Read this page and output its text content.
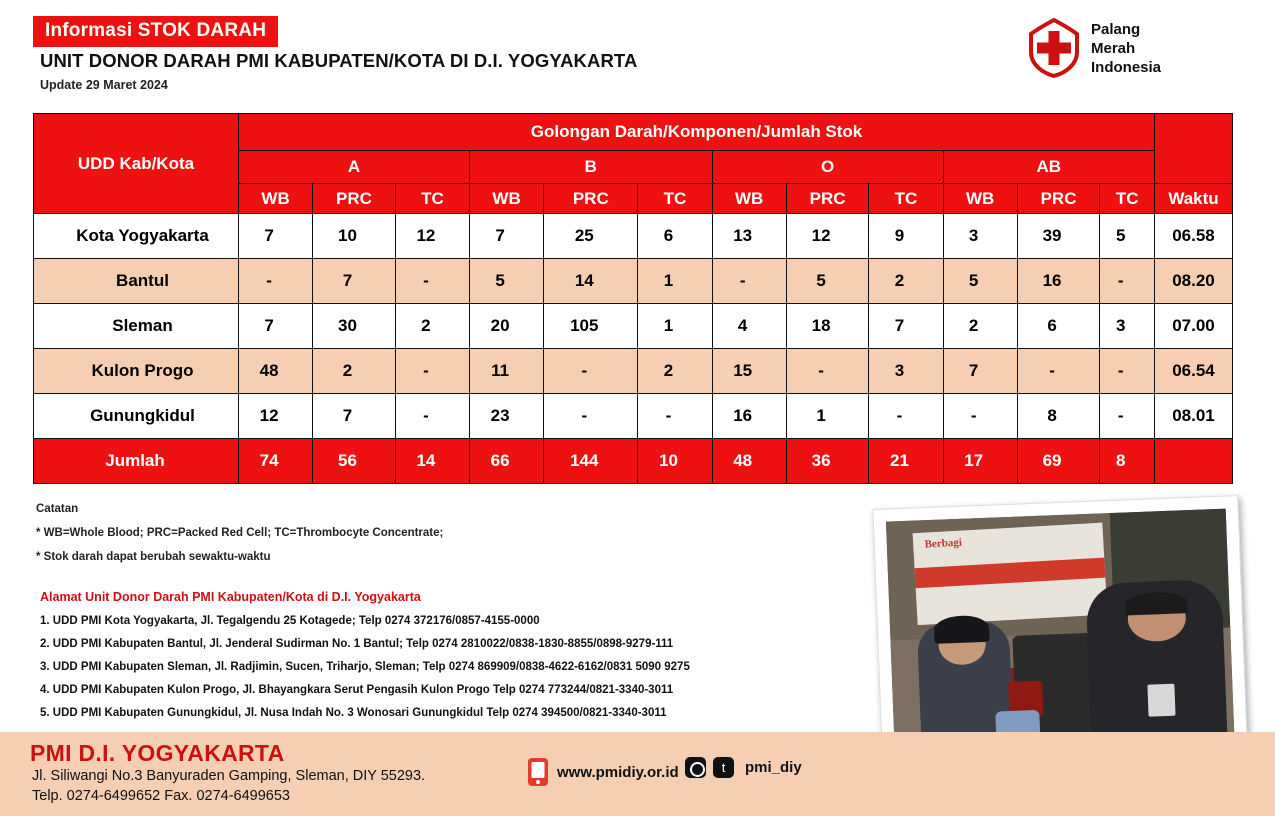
Informasi STOK DARAH
UNIT DONOR DARAH PMI KABUPATEN/KOTA DI D.I. YOGYAKARTA
Update 29 Maret 2024
Palang
Merah
Indonesia
UDD Kab/Kota	Golongan Darah/Komponen/Jumlah Stok												
	A			B			O			AB			
	WB	PRC	TC	WB	PRC	TC	WB	PRC	TC	WB	PRC	TC	Waktu
Kota Yogyakarta	7	10	12	7	25	6	13	12	9	3	39	5	06.58
Bantul	-	7	-	5	14	1	-	5	2	5	16	-	08.20
Sleman	7	30	2	20	105	1	4	18	7	2	6	3	07.00
Kulon Progo	48	2	-	11	-	2	15	-	3	7	-	-	06.54
Gunungkidul	12	7	-	23	-	-	16	1	-	-	8	-	08.01
Jumlah	74	56	14	66	144	10	48	36	21	17	69	8	
Catatan
* WB=Whole Blood; PRC=Packed Red Cell; TC=Thrombocyte Concentrate;
* Stok darah dapat berubah sewaktu-waktu
Alamat Unit Donor Darah PMI Kabupaten/Kota di D.I. Yogyakarta
1. UDD PMI Kota Yogyakarta, Jl. Tegalgendu 25 Kotagede; Telp 0274 372176/0857-4155-0000
2. UDD PMI Kabupaten Bantul, Jl. Jenderal Sudirman No. 1 Bantul; Telp 0274 2810022/0838-1830-8855/0898-9279-111
3. UDD PMI Kabupaten Sleman, Jl. Radjimin, Sucen, Triharjo, Sleman; Telp 0274 869909/0838-4622-6162/0831 5090 9275
4. UDD PMI Kabupaten Kulon Progo, Jl. Bhayangkara Serut Pengasih Kulon Progo Telp 0274 773244/0821-3340-3011
5. UDD PMI Kabupaten Gunungkidul, Jl. Nusa Indah No. 3 Wonosari Gunungkidul Telp 0274 394500/0821-3340-3011
Berbagi
PMI D.I. YOGYAKARTA
Jl. Siliwangi No.3 Banyuraden Gamping, Sleman, DIY 55293.
Telp. 0274-6499652 Fax. 0274-6499653
www.pmidiy.or.id	t	pmi_diy
